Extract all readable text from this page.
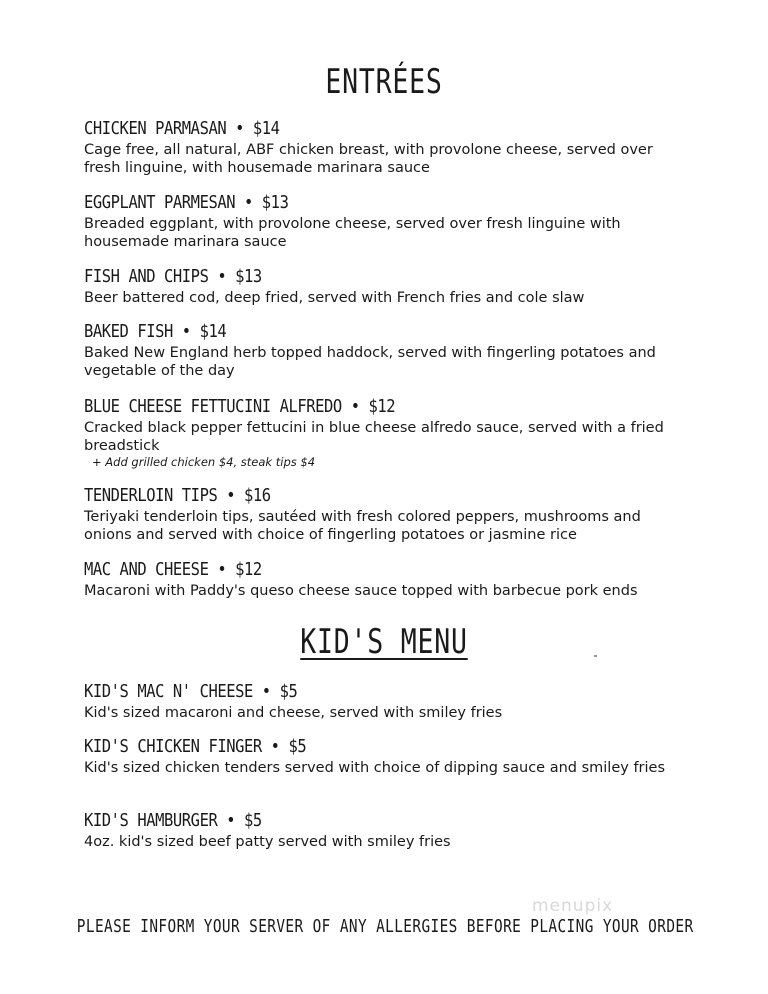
ENTRÉES
CHICKEN PARMASAN • $14
Cage free, all natural, ABF chicken breast, with provolone cheese, served over fresh linguine, with housemade marinara sauce
EGGPLANT PARMESAN • $13
Breaded eggplant, with provolone cheese, served over fresh linguine with housemade marinara sauce
FISH AND CHIPS • $13
Beer battered cod, deep fried, served with French fries and cole slaw
BAKED FISH • $14
Baked New England herb topped haddock, served with fingerling potatoes and vegetable of the day
BLUE CHEESE FETTUCINI ALFREDO • $12
Cracked black pepper fettucini in blue cheese alfredo sauce, served with a fried breadstick
+ Add grilled chicken $4, steak tips $4
TENDERLOIN TIPS • $16
Teriyaki tenderloin tips, sautéed with fresh colored peppers, mushrooms and onions and served with choice of fingerling potatoes or jasmine rice
MAC AND CHEESE • $12
Macaroni with Paddy's queso cheese sauce topped with barbecue pork ends
KID'S MENU
KID'S MAC N' CHEESE • $5
Kid's sized macaroni and cheese, served with smiley fries
KID'S CHICKEN FINGER • $5
Kid's sized chicken tenders served with choice of dipping sauce and smiley fries
KID'S HAMBURGER • $5
4oz. kid's sized beef patty served with smiley fries
menupix
PLEASE INFORM YOUR SERVER OF ANY ALLERGIES BEFORE PLACING YOUR ORDER
